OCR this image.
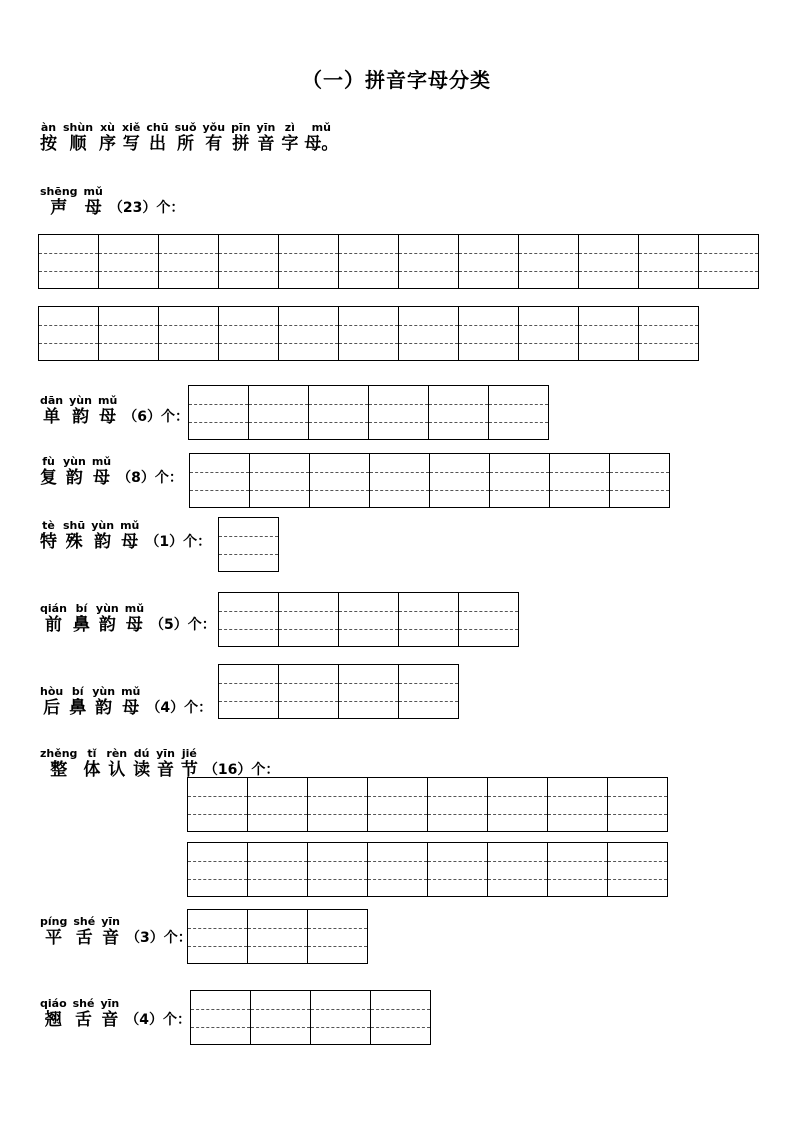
（一）拼音字母分类
àn
按
shùn
顺
xù
序
xiě
写
chū
出
suǒ
所
yǒu
有
pīn
拼
yīn
音
zì
字
mǔ
母。
shēng
声
mǔ
母 （23）个：
dān
单
yùn
韵
mǔ
母 （6）个：
fù
复
yùn
韵
mǔ
母 （8）个：
tè
特
shū
殊
yùn
韵
mǔ
母 （1）个：
qián
前
bí
鼻
yùn
韵
mǔ
母 （5）个：
hòu
后
bí
鼻
yùn
韵
mǔ
母 （4）个：
zhěng
整
tǐ
体
rèn
认
dú
读
yīn
音
jié
节 （16）个：
píng
平
shé
舌
yīn
音 （3）个：
qiáo
翘
shé
舌
yīn
音 （4）个：
